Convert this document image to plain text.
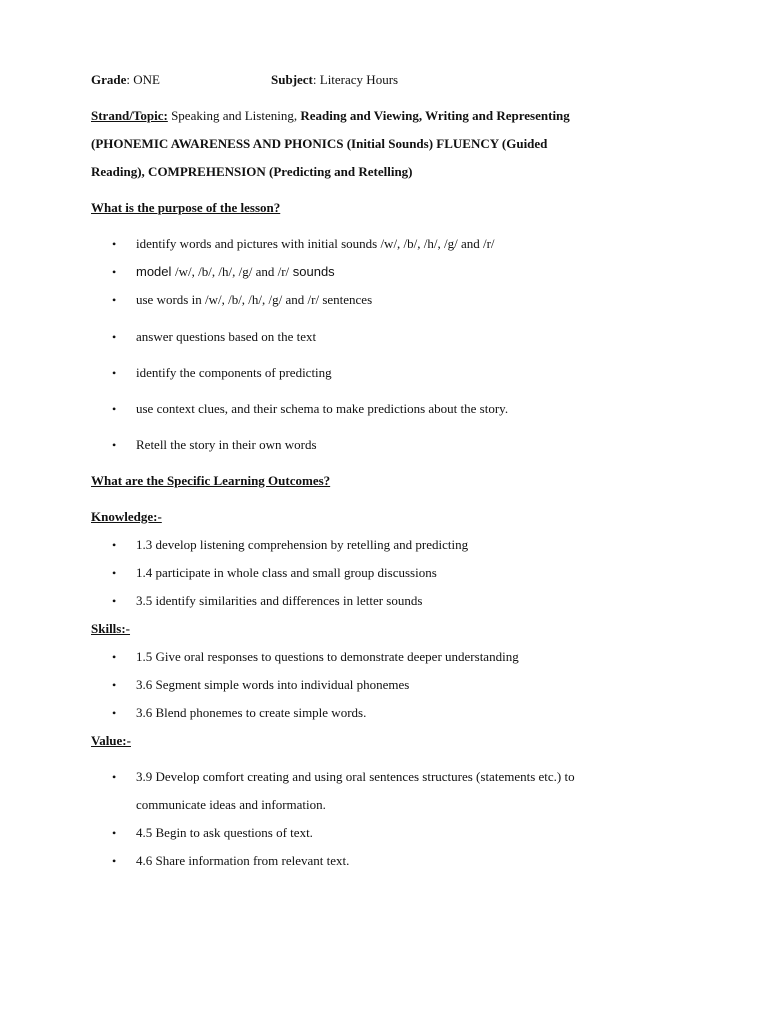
Grade: ONE	Subject: Literacy Hours
Strand/Topic: Speaking and Listening, Reading and Viewing, Writing and Representing
(PHONEMIC AWARENESS AND PHONICS (Initial Sounds) FLUENCY (Guided
Reading), COMPREHENSION (Predicting and Retelling)
What is the purpose of the lesson?
• identify words and pictures with initial sounds /w/, /b/, /h/, /g/ and /r/
• model /w/, /b/, /h/, /g/ and /r/ sounds
• use words in /w/, /b/, /h/, /g/ and /r/ sentences
• answer questions based on the text
• identify the components of predicting
• use context clues, and their schema to make predictions about the story.
• Retell the story in their own words
What are the Specific Learning Outcomes?
Knowledge:-
• 1.3 develop listening comprehension by retelling and predicting
• 1.4 participate in whole class and small group discussions
• 3.5 identify similarities and differences in letter sounds
Skills:-
• 1.5 Give oral responses to questions to demonstrate deeper understanding
• 3.6 Segment simple words into individual phonemes
• 3.6 Blend phonemes to create simple words.
Value:-
• 3.9 Develop comfort creating and using oral sentences structures (statements etc.) to
communicate ideas and information.
• 4.5 Begin to ask questions of text.
• 4.6 Share information from relevant text.
